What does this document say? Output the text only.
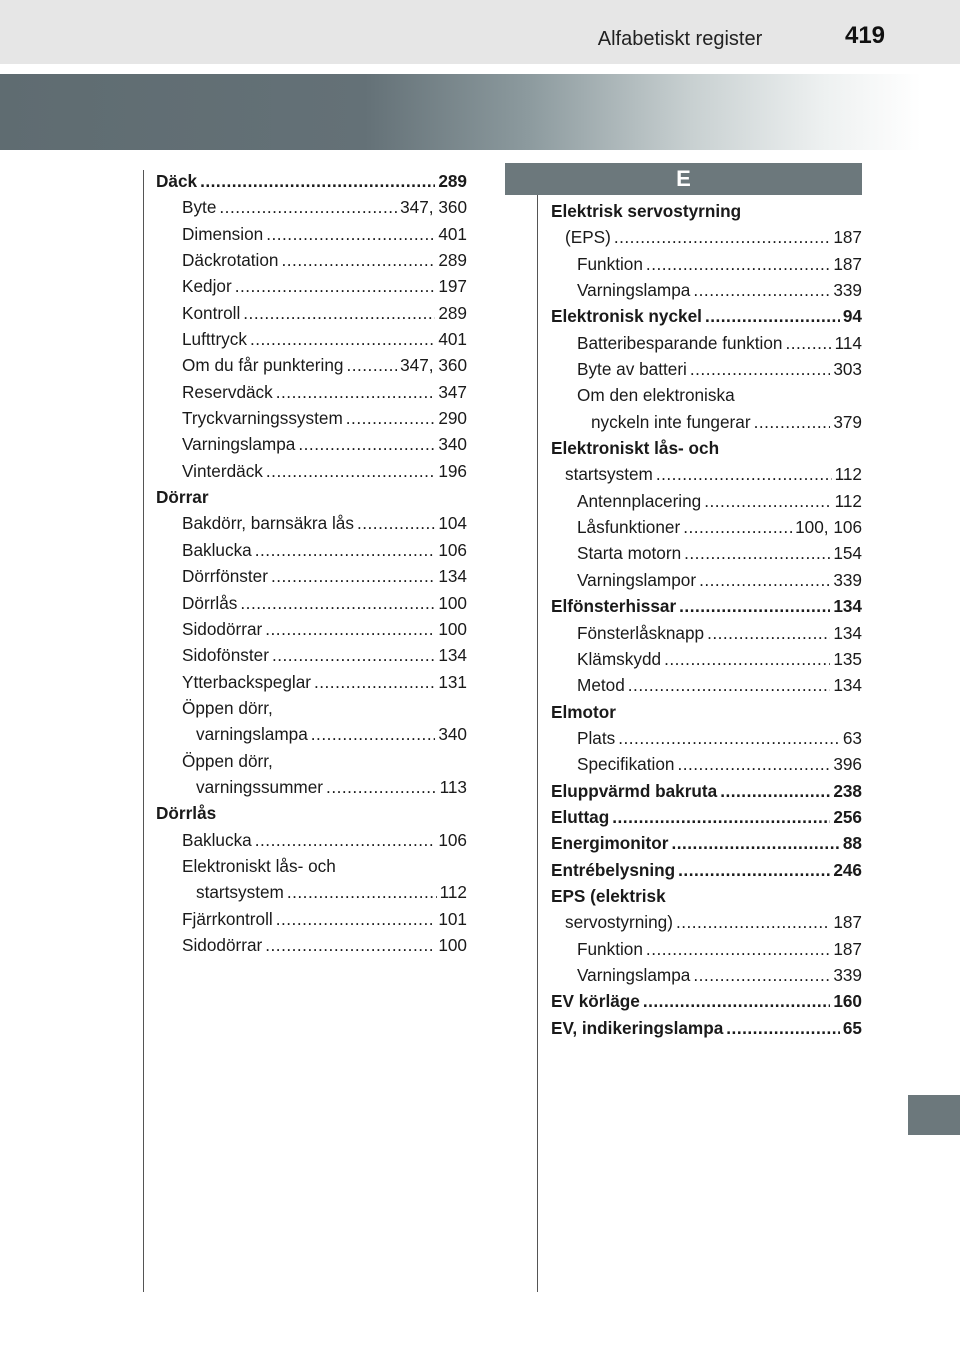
Alfabetiskt register	419
E
Däck .....	289
Byte .....	347, 360
Dimension .....	401
Däckrotation .....	289
Kedjor .....	197
Kontroll .....	289
Lufttryck .....	401
Om du får punktering .....	347, 360
Reservdäck .....	347
Tryckvarningssystem .....	290
Varningslampa .....	340
Vinterdäck .....	196
Dörrar
Bakdörr, barnsäkra lås .....	104
Baklucka .....	106
Dörrfönster .....	134
Dörrlås .....	100
Sidodörrar .....	100
Sidofönster .....	134
Ytterbackspeglar .....	131
Öppen dörr,
varningslampa .....	340
Öppen dörr,
varningssummer .....	113
Dörrlås
Baklucka .....	106
Elektroniskt lås- och
startsystem .....	112
Fjärrkontroll .....	101
Sidodörrar .....	100
Elektrisk servostyrning
(EPS) .....	187
Funktion .....	187
Varningslampa .....	339
Elektronisk nyckel .....	94
Batteribesparande funktion .....	114
Byte av batteri .....	303
Om den elektroniska
nyckeln inte fungerar .....	379
Elektroniskt lås- och
startsystem .....	112
Antennplacering .....	112
Låsfunktioner .....	100, 106
Starta motorn .....	154
Varningslampor .....	339
Elfönsterhissar .....	134
Fönsterlåsknapp .....	134
Klämskydd .....	135
Metod .....	134
Elmotor
Plats .....	63
Specifikation .....	396
Eluppvärmd bakruta .....	238
Eluttag .....	256
Energimonitor .....	88
Entrébelysning .....	246
EPS (elektrisk
servostyrning) .....	187
Funktion .....	187
Varningslampa .....	339
EV körläge .....	160
EV, indikeringslampa .....	65
